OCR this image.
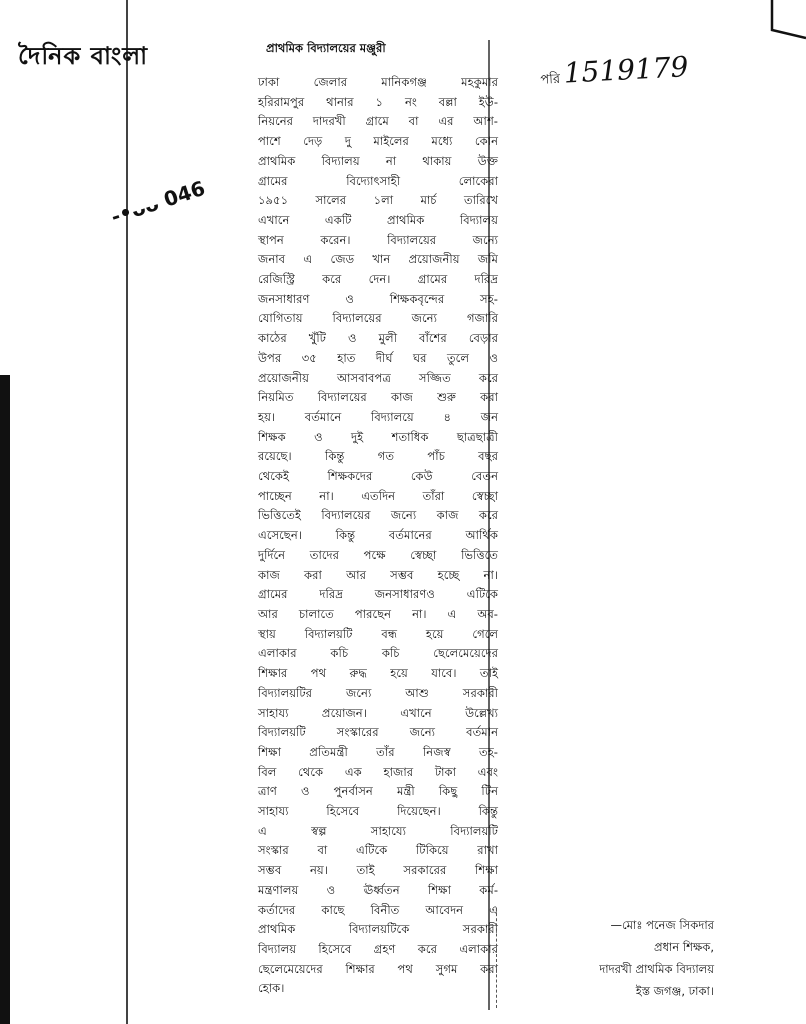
দৈনিক বাংলা
-•ᴗᴗ 046
পরি1519179
প্রাথমিক বিদ্যালয়ের মঞ্জুরী
ঢাকা জেলার মানিকগঞ্জ মহকুমার
হরিরামপুর থানার ১ নং বল্লা ইউ-
নিয়নের দাদরখী গ্রামে বা এর আশ-
পাশে দেড় দু মাইলের মধ্যে কোন
প্রাথমিক বিদ্যালয় না থাকায় উক্ত
গ্রামের বিদ্যোৎসাহী লোকেরা
১৯৫১ সালের ১লা মার্চ তারিখে
এখানে একটি প্রাথমিক বিদ্যালয়
স্থাপন করেন। বিদ্যালয়ের জন্যে
জনাব এ জেড খান প্রয়োজনীয় জমি
রেজিস্ট্রি করে দেন। গ্রামের দরিদ্র
জনসাধারণ ও শিক্ষকবৃন্দের সহ-
যোগিতায় বিদ্যালয়ের জন্যে গজারি
কাঠের খুঁটি ও মুলী বাঁশের বেড়ার
উপর ৩৫ হাত দীর্ঘ ঘর তুলে ও
প্রয়োজনীয় আসবাবপত্র সজ্জিত করে
নিয়মিত বিদ্যালয়ের কাজ শুরু করা
হয়। বর্তমানে বিদ্যালয়ে ৪ জন
শিক্ষক ও দুই শতাধিক ছাত্রছাত্রী
রয়েছে। কিন্তু গত পাঁচ বছর
থেকেই শিক্ষকদের কেউ বেতন
পাচ্ছেন না। এতদিন তাঁরা স্বেচ্ছা
ভিত্তিতেই বিদ্যালয়ের জন্যে কাজ করে
এসেছেন। কিন্তু বর্তমানের আর্থিক
দুর্দিনে তাদের পক্ষে স্বেচ্ছা ভিত্তিতে
কাজ করা আর সম্ভব হচ্ছে না।
গ্রামের দরিদ্র জনসাধারণও এটিকে
আর চালাতে পারছেন না। এ অব-
স্থায় বিদ্যালয়টি বন্ধ হয়ে গেলে
এলাকার কচি কচি ছেলেমেয়েদের
শিক্ষার পথ রুদ্ধ হয়ে যাবে। তাই
বিদ্যালয়টির জন্যে আশু সরকারী
সাহায্য প্রয়োজন। এখানে উল্লেখ্য
বিদ্যালয়টি সংস্কারের জন্যে বর্তমান
শিক্ষা প্রতিমন্ত্রী তাঁর নিজস্ব তহ-
বিল থেকে এক হাজার টাকা এবং
ত্রাণ ও পুনর্বাসন মন্ত্রী কিছু টিন
সাহায্য হিসেবে দিয়েছেন। কিন্তু
এ স্বল্প সাহায্যে বিদ্যালয়টি
সংস্কার বা এটিকে টিকিয়ে রাখা
সম্ভব নয়। তাই সরকারের শিক্ষা
মন্ত্রণালয় ও ঊর্ধ্বতন শিক্ষা কর্ম-
কর্তাদের কাছে বিনীত আবেদন এ
প্রাথমিক বিদ্যালয়টিকে সরকারী
বিদ্যালয় হিসেবে গ্রহণ করে এলাকার
ছেলেমেয়েদের শিক্ষার পথ সুগম করা
হোক।
—মোঃ পনেজ সিকদার
প্রধান শিক্ষক,
দাদরখী প্রাথমিক বিদ্যালয়
ইস্ত জগঞ্জ, ঢাকা।
